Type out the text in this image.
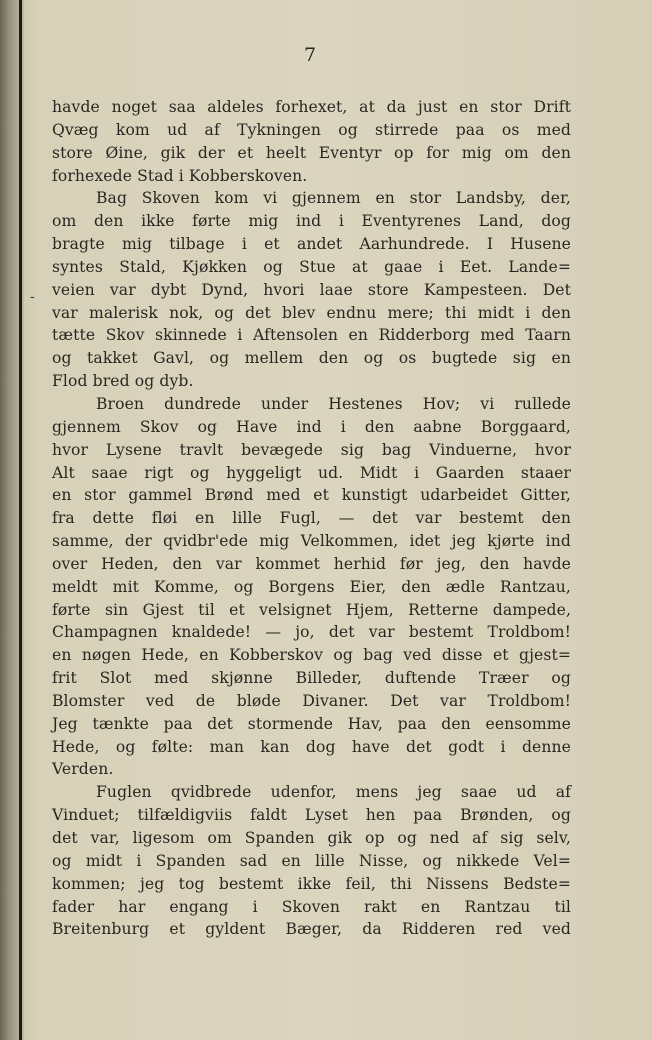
7
-
havde noget saa aldeles forhexet, at da just en stor Drift
Qvæg kom ud af Tykningen og stirrede paa os med
store Øine, gik der et heelt Eventyr op for mig om den
forhexede Stad i Kobberskoven.
Bag Skoven kom vi gjennem en stor Landsby, der,
om den ikke førte mig ind i Eventyrenes Land, dog
bragte mig tilbage i et andet Aarhundrede. I Husene
syntes Stald, Kjøkken og Stue at gaae i Eet. Lande=
veien var dybt Dynd, hvori laae store Kampesteen. Det
var malerisk nok, og det blev endnu mere; thi midt i den
tætte Skov skinnede i Aftensolen en Ridderborg med Taarn
og takket Gavl, og mellem den og os bugtede sig en
Flod bred og dyb.
Broen dundrede under Hestenes Hov; vi rullede
gjennem Skov og Have ind i den aabne Borggaard,
hvor Lysene travlt bevægede sig bag Vinduerne, hvor
Alt saae rigt og hyggeligt ud. Midt i Gaarden staaer
en stor gammel Brønd med et kunstigt udarbeidet Gitter,
fra dette fløi en lille Fugl, — det var bestemt den
samme, der qvidbr'ede mig Velkommen, idet jeg kjørte ind
over Heden, den var kommet herhid før jeg, den havde
meldt mit Komme, og Borgens Eier, den ædle Rantzau,
førte sin Gjest til et velsignet Hjem, Retterne dampede,
Champagnen knaldede! — jo, det var bestemt Troldbom!
en nøgen Hede, en Kobberskov og bag ved disse et gjest=
frit Slot med skjønne Billeder, duftende Træer og
Blomster ved de bløde Divaner. Det var Troldbom!
Jeg tænkte paa det stormende Hav, paa den eensomme
Hede, og følte: man kan dog have det godt i denne
Verden.
Fuglen qvidbrede udenfor, mens jeg saae ud af
Vinduet; tilfældigviis faldt Lyset hen paa Brønden, og
det var, ligesom om Spanden gik op og ned af sig selv,
og midt i Spanden sad en lille Nisse, og nikkede Vel=
kommen; jeg tog bestemt ikke feil, thi Nissens Bedste=
fader har engang i Skoven rakt en Rantzau til
Breitenburg et gyldent Bæger, da Ridderen red ved
